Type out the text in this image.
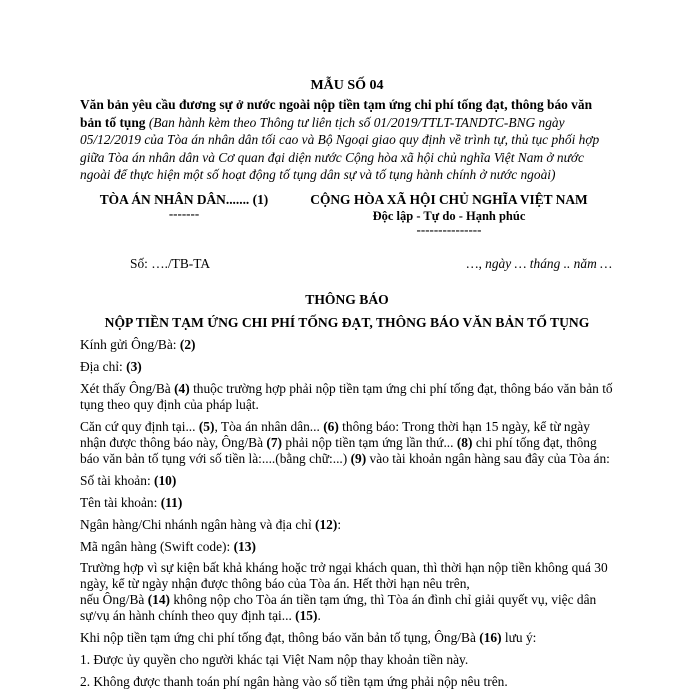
MẪU SỐ 04

Văn bản yêu cầu đương sự ở nước ngoài nộp tiền tạm ứng chi phí tống đạt, thông báo văn bản tố tụng (Ban hành kèm theo Thông tư liên tịch số 01/2019/TTLT-TANDTC-BNG ngày 05/12/2019 của Tòa án nhân dân tối cao và Bộ Ngoại giao quy định về trình tự, thủ tục phối hợp giữa Tòa án nhân dân và Cơ quan đại diện nước Cộng hòa xã hội chủ nghĩa Việt Nam ở nước ngoài để thực hiện một số hoạt động tố tụng dân sự và tố tụng hành chính ở nước ngoài)

TÒA ÁN NHÂN DÂN....... (1)
-------
CỘNG HÒA XÃ HỘI CHỦ NGHĨA VIỆT NAM
Độc lập - Tự do - Hạnh phúc
---------------
Số: …./TB-TA	…, ngày … tháng .. năm …
THÔNG BÁO
NỘP TIỀN TẠM ỨNG CHI PHÍ TỐNG ĐẠT, THÔNG BÁO VĂN BẢN TỐ TỤNG

Kính gửi Ông/Bà: (2)

Địa chỉ: (3)

Xét thấy Ông/Bà (4) thuộc trường hợp phải nộp tiền tạm ứng chi phí tống đạt, thông báo văn bản tố tụng theo quy định của pháp luật.

Căn cứ quy định tại... (5), Tòa án nhân dân... (6) thông báo: Trong thời hạn 15 ngày, kể từ ngày nhận được thông báo này, Ông/Bà (7) phải nộp tiền tạm ứng lần thứ... (8) chi phí tống đạt, thông báo văn bản tố tụng với số tiền là:....(bằng chữ:...) (9) vào tài khoản ngân hàng sau đây của Tòa án:

Số tài khoản: (10)

Tên tài khoản: (11)

Ngân hàng/Chi nhánh ngân hàng và địa chỉ (12):

Mã ngân hàng (Swift code): (13)

Trường hợp vì sự kiện bất khả kháng hoặc trở ngại khách quan, thì thời hạn nộp tiền không quá 30 ngày, kể từ ngày nhận được thông báo của Tòa án. Hết thời hạn nêu trên,
nếu Ông/Bà (14) không nộp cho Tòa án tiền tạm ứng, thì Tòa án đình chỉ giải quyết vụ, việc dân sự/vụ án hành chính theo quy định tại... (15).

Khi nộp tiền tạm ứng chi phí tống đạt, thông báo văn bản tố tụng, Ông/Bà (16) lưu ý:

1. Được ủy quyền cho người khác tại Việt Nam nộp thay khoản tiền này.

2. Không được thanh toán phí ngân hàng vào số tiền tạm ứng phải nộp nêu trên.
